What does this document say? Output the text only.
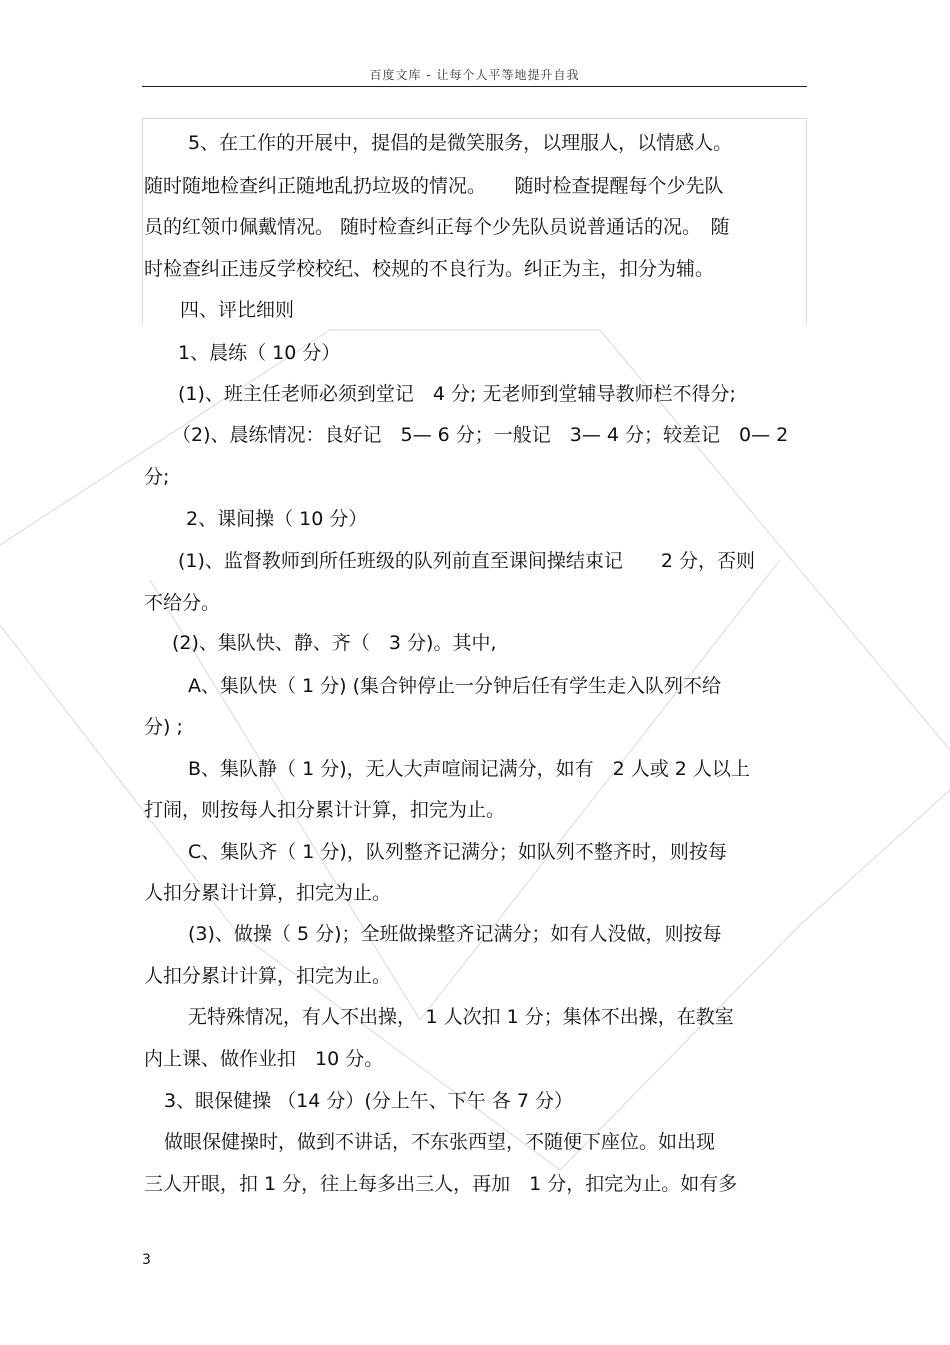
百度文库 - 让每个人平等地提升自我
5、在工作的开展中，提倡的是微笑服务，以理服人，以情感人。
随时随地检查纠正随地乱扔垃圾的情况。　　随时检查提醒每个少先队
员的红领巾佩戴情况。 随时检查纠正每个少先队员说普通话的况。　随
时检查纠正违反学校校纪、校规的不良行为。纠正为主，扣分为辅。
四、评比细则
1、晨练（ 10 分）
(1)、班主任老师必须到堂记　4 分; 无老师到堂辅导教师栏不得分;
（2)、晨练情况：良好记　5— 6 分；一般记　3— 4 分；较差记　0— 2
分;
2、课间操（ 10 分）
(1)、监督教师到所任班级的队列前直至课间操结束记　　2 分，否则
不给分。
(2)、集队快、静、齐（　3 分)。其中,
A、集队快（ 1 分) (集合钟停止一分钟后任有学生走入队列不给
分) ;
B、集队静（ 1 分)，无人大声喧闹记满分，如有　2 人或 2 人以上
打闹，则按每人扣分累计计算，扣完为止。
C、集队齐（ 1 分)，队列整齐记满分；如队列不整齐时，则按每
人扣分累计计算，扣完为止。
(3)、做操（ 5 分)；全班做操整齐记满分；如有人没做，则按每
人扣分累计计算，扣完为止。
无特殊情况，有人不出操，　1 人次扣 1 分；集体不出操，在教室
内上课、做作业扣　10 分。
3、眼保健操 （14 分）(分上午、下午 各 7 分）
做眼保健操时，做到不讲话，不东张西望，不随便下座位。如出现
三人开眼，扣 1 分，往上每多出三人，再加　1 分，扣完为止。如有多
3
